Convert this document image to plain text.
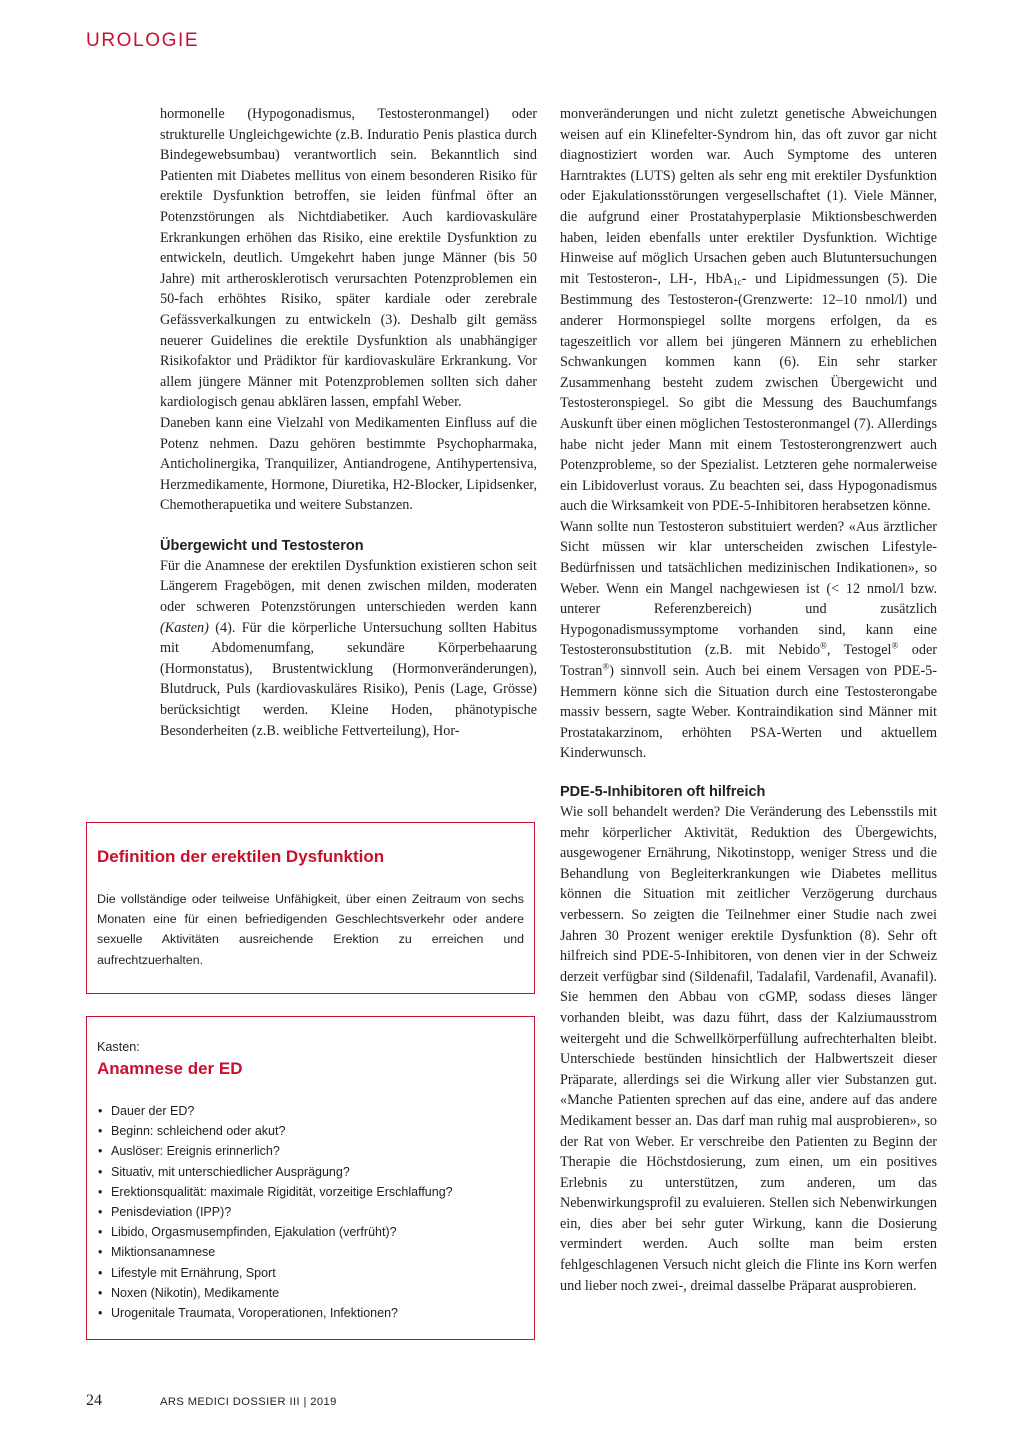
UROLOGIE

hormonelle (Hypogonadismus, Testosteronmangel) oder strukturelle Ungleichgewichte (z.B. Induratio Penis plastica durch Bindegewebsumbau) verantwortlich sein. Bekanntlich sind Patienten mit Diabetes mellitus von einem besonderen Risiko für erektile Dysfunktion betroffen, sie leiden fünfmal öfter an Potenzstörungen als Nichtdiabetiker. Auch kardiovaskuläre Erkrankungen erhöhen das Risiko, eine erektile Dysfunktion zu entwickeln, deutlich. Umgekehrt haben junge Männer (bis 50 Jahre) mit artherosklerotisch verursachten Potenzproblemen ein 50-fach erhöhtes Risiko, später kardiale oder zerebrale Gefässverkalkungen zu entwickeln (3). Deshalb gilt gemäss neuerer Guidelines die erektile Dysfunktion als unabhängiger Risikofaktor und Prädiktor für kardiovaskuläre Erkrankung. Vor allem jüngere Männer mit Potenzproblemen sollten sich daher kardiologisch genau abklären lassen, empfahl Weber.

Daneben kann eine Vielzahl von Medikamenten Einfluss auf die Potenz nehmen. Dazu gehören bestimmte Psychopharmaka, Anticholinergika, Tranquilizer, Antiandrogene, Antihypertensiva, Herzmedikamente, Hormone, Diuretika, H2-Blocker, Lipidsenker, Chemotherapuetika und weitere Substanzen.

Übergewicht und Testosteron

Für die Anamnese der erektilen Dysfunktion existieren schon seit Längerem Fragebögen, mit denen zwischen milden, moderaten oder schweren Potenzstörungen unterschieden werden kann (Kasten) (4). Für die körperliche Untersuchung sollten Habitus mit Abdomenumfang, sekundäre Körperbehaarung (Hormonstatus), Brustentwicklung (Hormonveränderungen), Blutdruck, Puls (kardiovaskuläres Risiko), Penis (Lage, Grösse) berücksichtigt werden. Kleine Hoden, phänotypische Besonderheiten (z.B. weibliche Fettverteilung), Hor-

monveränderungen und nicht zuletzt genetische Abweichungen weisen auf ein Klinefelter-Syndrom hin, das oft zuvor gar nicht diagnostiziert worden war. Auch Symptome des unteren Harntraktes (LUTS) gelten als sehr eng mit erektiler Dysfunktion oder Ejakulationsstörungen vergesellschaftet (1). Viele Männer, die aufgrund einer Prostatahyperplasie Miktionsbeschwerden haben, leiden ebenfalls unter erektiler Dysfunktion. Wichtige Hinweise auf möglich Ursachen geben auch Blutuntersuchungen mit Testosteron-, LH-, HbA$_{1c}$- und Lipidmessungen (5). Die Bestimmung des Testosteron-(Grenzwerte: 12–10 nmol/l) und anderer Hormonspiegel sollte morgens erfolgen, da es tageszeitlich vor allem bei jüngeren Männern zu erheblichen Schwankungen kommen kann (6). Ein sehr starker Zusammenhang besteht zudem zwischen Übergewicht und Testosteronspiegel. So gibt die Messung des Bauchumfangs Auskunft über einen möglichen Testosteronmangel (7). Allerdings habe nicht jeder Mann mit einem Testosterongrenzwert auch Potenzprobleme, so der Spezialist. Letzteren gehe normalerweise ein Libidoverlust voraus. Zu beachten sei, dass Hypogonadismus auch die Wirksamkeit von PDE-5-Inhibitoren herabsetzen könne.

Wann sollte nun Testosteron substituiert werden? «Aus ärztlicher Sicht müssen wir klar unterscheiden zwischen Lifestyle-Bedürfnissen und tatsächlichen medizinischen Indikationen», so Weber. Wenn ein Mangel nachgewiesen ist (< 12 nmol/l bzw. unterer Referenzbereich) und zusätzlich Hypogonadismussymptome vorhanden sind, kann eine Testosteronsubstitution (z.B. mit Nebido®, Testogel® oder Tostran®) sinnvoll sein. Auch bei einem Versagen von PDE-5-Hemmern könne sich die Situation durch eine Testosterongabe massiv bessern, sagte Weber. Kontraindikation sind Männer mit Prostatakarzinom, erhöhten PSA-Werten und aktuellem Kinderwunsch.

PDE-5-Inhibitoren oft hilfreich

Wie soll behandelt werden? Die Veränderung des Lebensstils mit mehr körperlicher Aktivität, Reduktion des Übergewichts, ausgewogener Ernährung, Nikotinstopp, weniger Stress und die Behandlung von Begleiterkrankungen wie Diabetes mellitus können die Situation mit zeitlicher Verzögerung durchaus verbessern. So zeigten die Teilnehmer einer Studie nach zwei Jahren 30 Prozent weniger erektile Dysfunktion (8). Sehr oft hilfreich sind PDE-5-Inhibitoren, von denen vier in der Schweiz derzeit verfügbar sind (Sildenafil, Tadalafil, Vardenafil, Avanafil). Sie hemmen den Abbau von cGMP, sodass dieses länger vorhanden bleibt, was dazu führt, dass der Kalziumausstrom weitergeht und die Schwellkörperfüllung aufrechterhalten bleibt. Unterschiede bestünden hinsichtlich der Halbwertszeit dieser Präparate, allerdings sei die Wirkung aller vier Substanzen gut. «Manche Patienten sprechen auf das eine, andere auf das andere Medikament besser an. Das darf man ruhig mal ausprobieren», so der Rat von Weber. Er verschreibe den Patienten zu Beginn der Therapie die Höchstdosierung, zum einen, um ein positives Erlebnis zu unterstützen, zum anderen, um das Nebenwirkungsprofil zu evaluieren. Stellen sich Nebenwirkungen ein, dies aber bei sehr guter Wirkung, kann die Dosierung vermindert werden. Auch sollte man beim ersten fehlgeschlagenen Versuch nicht gleich die Flinte ins Korn werfen und lieber noch zwei-, dreimal dasselbe Präparat ausprobieren.

Definition der erektilen Dysfunktion
Die vollständige oder teilweise Unfähigkeit, über einen Zeitraum von sechs Monaten eine für einen befriedigenden Geschlechtsverkehr oder andere sexuelle Aktivitäten ausreichende Erektion zu erreichen und aufrechtzuerhalten.
Kasten:
Anamnese der ED
• Dauer der ED?
• Beginn: schleichend oder akut?
• Auslöser: Ereignis erinnerlich?
• Situativ, mit unterschiedlicher Ausprägung?
• Erektionsqualität: maximale Rigidität, vorzeitige Erschlaffung?
• Penisdeviation (IPP)?
• Libido, Orgasmusempfinden, Ejakulation (verfrüht)?
• Miktionsanamnese
• Lifestyle mit Ernährung, Sport
• Noxen (Nikotin), Medikamente
• Urogenitale Traumata, Voroperationen, Infektionen?
24	ARS MEDICI DOSSIER III | 2019
